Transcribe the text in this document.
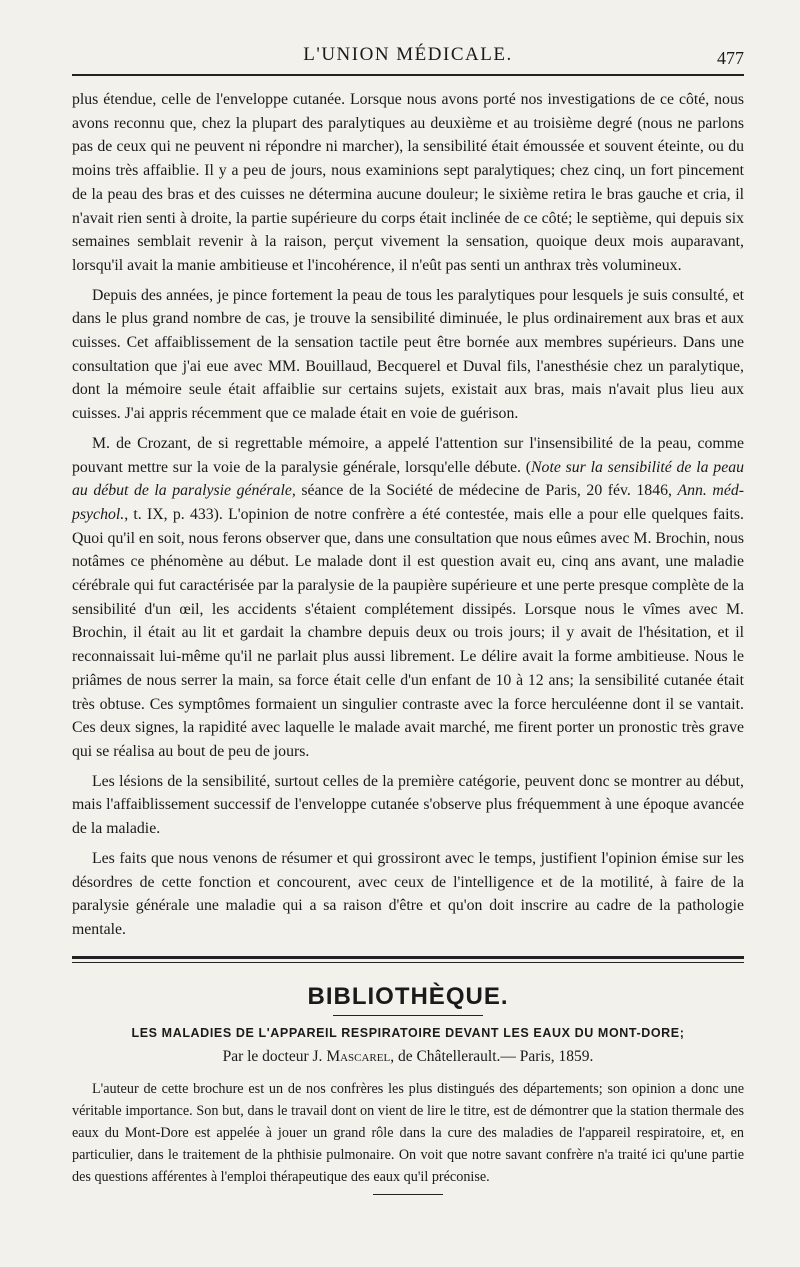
L'UNION MÉDICALE.	477

plus étendue, celle de l'enveloppe cutanée. Lorsque nous avons porté nos investigations de ce côté, nous avons reconnu que, chez la plupart des paralytiques au deuxième et au troisième degré (nous ne parlons pas de ceux qui ne peuvent ni répondre ni marcher), la sensibilité était émoussée et souvent éteinte, ou du moins très affaiblie. Il y a peu de jours, nous examinions sept paralytiques; chez cinq, un fort pincement de la peau des bras et des cuisses ne détermina aucune douleur; le sixième retira le bras gauche et cria, il n'avait rien senti à droite, la partie supérieure du corps était inclinée de ce côté; le septième, qui depuis six semaines semblait revenir à la raison, perçut vivement la sensation, quoique deux mois auparavant, lorsqu'il avait la manie ambitieuse et l'incohérence, il n'eût pas senti un anthrax très volumineux.

Depuis des années, je pince fortement la peau de tous les paralytiques pour lesquels je suis consulté, et dans le plus grand nombre de cas, je trouve la sensibilité diminuée, le plus ordinairement aux bras et aux cuisses. Cet affaiblissement de la sensation tactile peut être bornée aux membres supérieurs. Dans une consultation que j'ai eue avec MM. Bouillaud, Becquerel et Duval fils, l'anesthésie chez un paralytique, dont la mémoire seule était affaiblie sur certains sujets, existait aux bras, mais n'avait plus lieu aux cuisses. J'ai appris récemment que ce malade était en voie de guérison.

M. de Crozant, de si regrettable mémoire, a appelé l'attention sur l'insensibilité de la peau, comme pouvant mettre sur la voie de la paralysie générale, lorsqu'elle débute. (Note sur la sensibilité de la peau au début de la paralysie générale, séance de la Société de médecine de Paris, 20 fév. 1846, Ann. méd-psychol., t. IX, p. 433). L'opinion de notre confrère a été contestée, mais elle a pour elle quelques faits. Quoi qu'il en soit, nous ferons observer que, dans une consultation que nous eûmes avec M. Brochin, nous notâmes ce phénomène au début. Le malade dont il est question avait eu, cinq ans avant, une maladie cérébrale qui fut caractérisée par la paralysie de la paupière supérieure et une perte presque complète de la sensibilité d'un œil, les accidents s'étaient complétement dissipés. Lorsque nous le vîmes avec M. Brochin, il était au lit et gardait la chambre depuis deux ou trois jours; il y avait de l'hésitation, et il reconnaissait lui-même qu'il ne parlait plus aussi librement. Le délire avait la forme ambitieuse. Nous le priâmes de nous serrer la main, sa force était celle d'un enfant de 10 à 12 ans; la sensibilité cutanée était très obtuse. Ces symptômes formaient un singulier contraste avec la force herculéenne dont il se vantait. Ces deux signes, la rapidité avec laquelle le malade avait marché, me firent porter un pronostic très grave qui se réalisa au bout de peu de jours.

Les lésions de la sensibilité, surtout celles de la première catégorie, peuvent donc se montrer au début, mais l'affaiblissement successif de l'enveloppe cutanée s'observe plus fréquemment à une époque avancée de la maladie.

Les faits que nous venons de résumer et qui grossiront avec le temps, justifient l'opinion émise sur les désordres de cette fonction et concourent, avec ceux de l'intelligence et de la motilité, à faire de la paralysie générale une maladie qui a sa raison d'être et qu'on doit inscrire au cadre de la pathologie mentale.

BIBLIOTHÈQUE.
LES MALADIES DE L'APPAREIL RESPIRATOIRE DEVANT LES EAUX DU MONT-DORE;
Par le docteur J. Mascarel, de Châtellerault.— Paris, 1859.

L'auteur de cette brochure est un de nos confrères les plus distingués des départements; son opinion a donc une véritable importance. Son but, dans le travail dont on vient de lire le titre, est de démontrer que la station thermale des eaux du Mont-Dore est appelée à jouer un grand rôle dans la cure des maladies de l'appareil respiratoire, et, en particulier, dans le traitement de la phthisie pulmonaire. On voit que notre savant confrère n'a traité ici qu'une partie des questions afférentes à l'emploi thérapeutique des eaux qu'il préconise.
